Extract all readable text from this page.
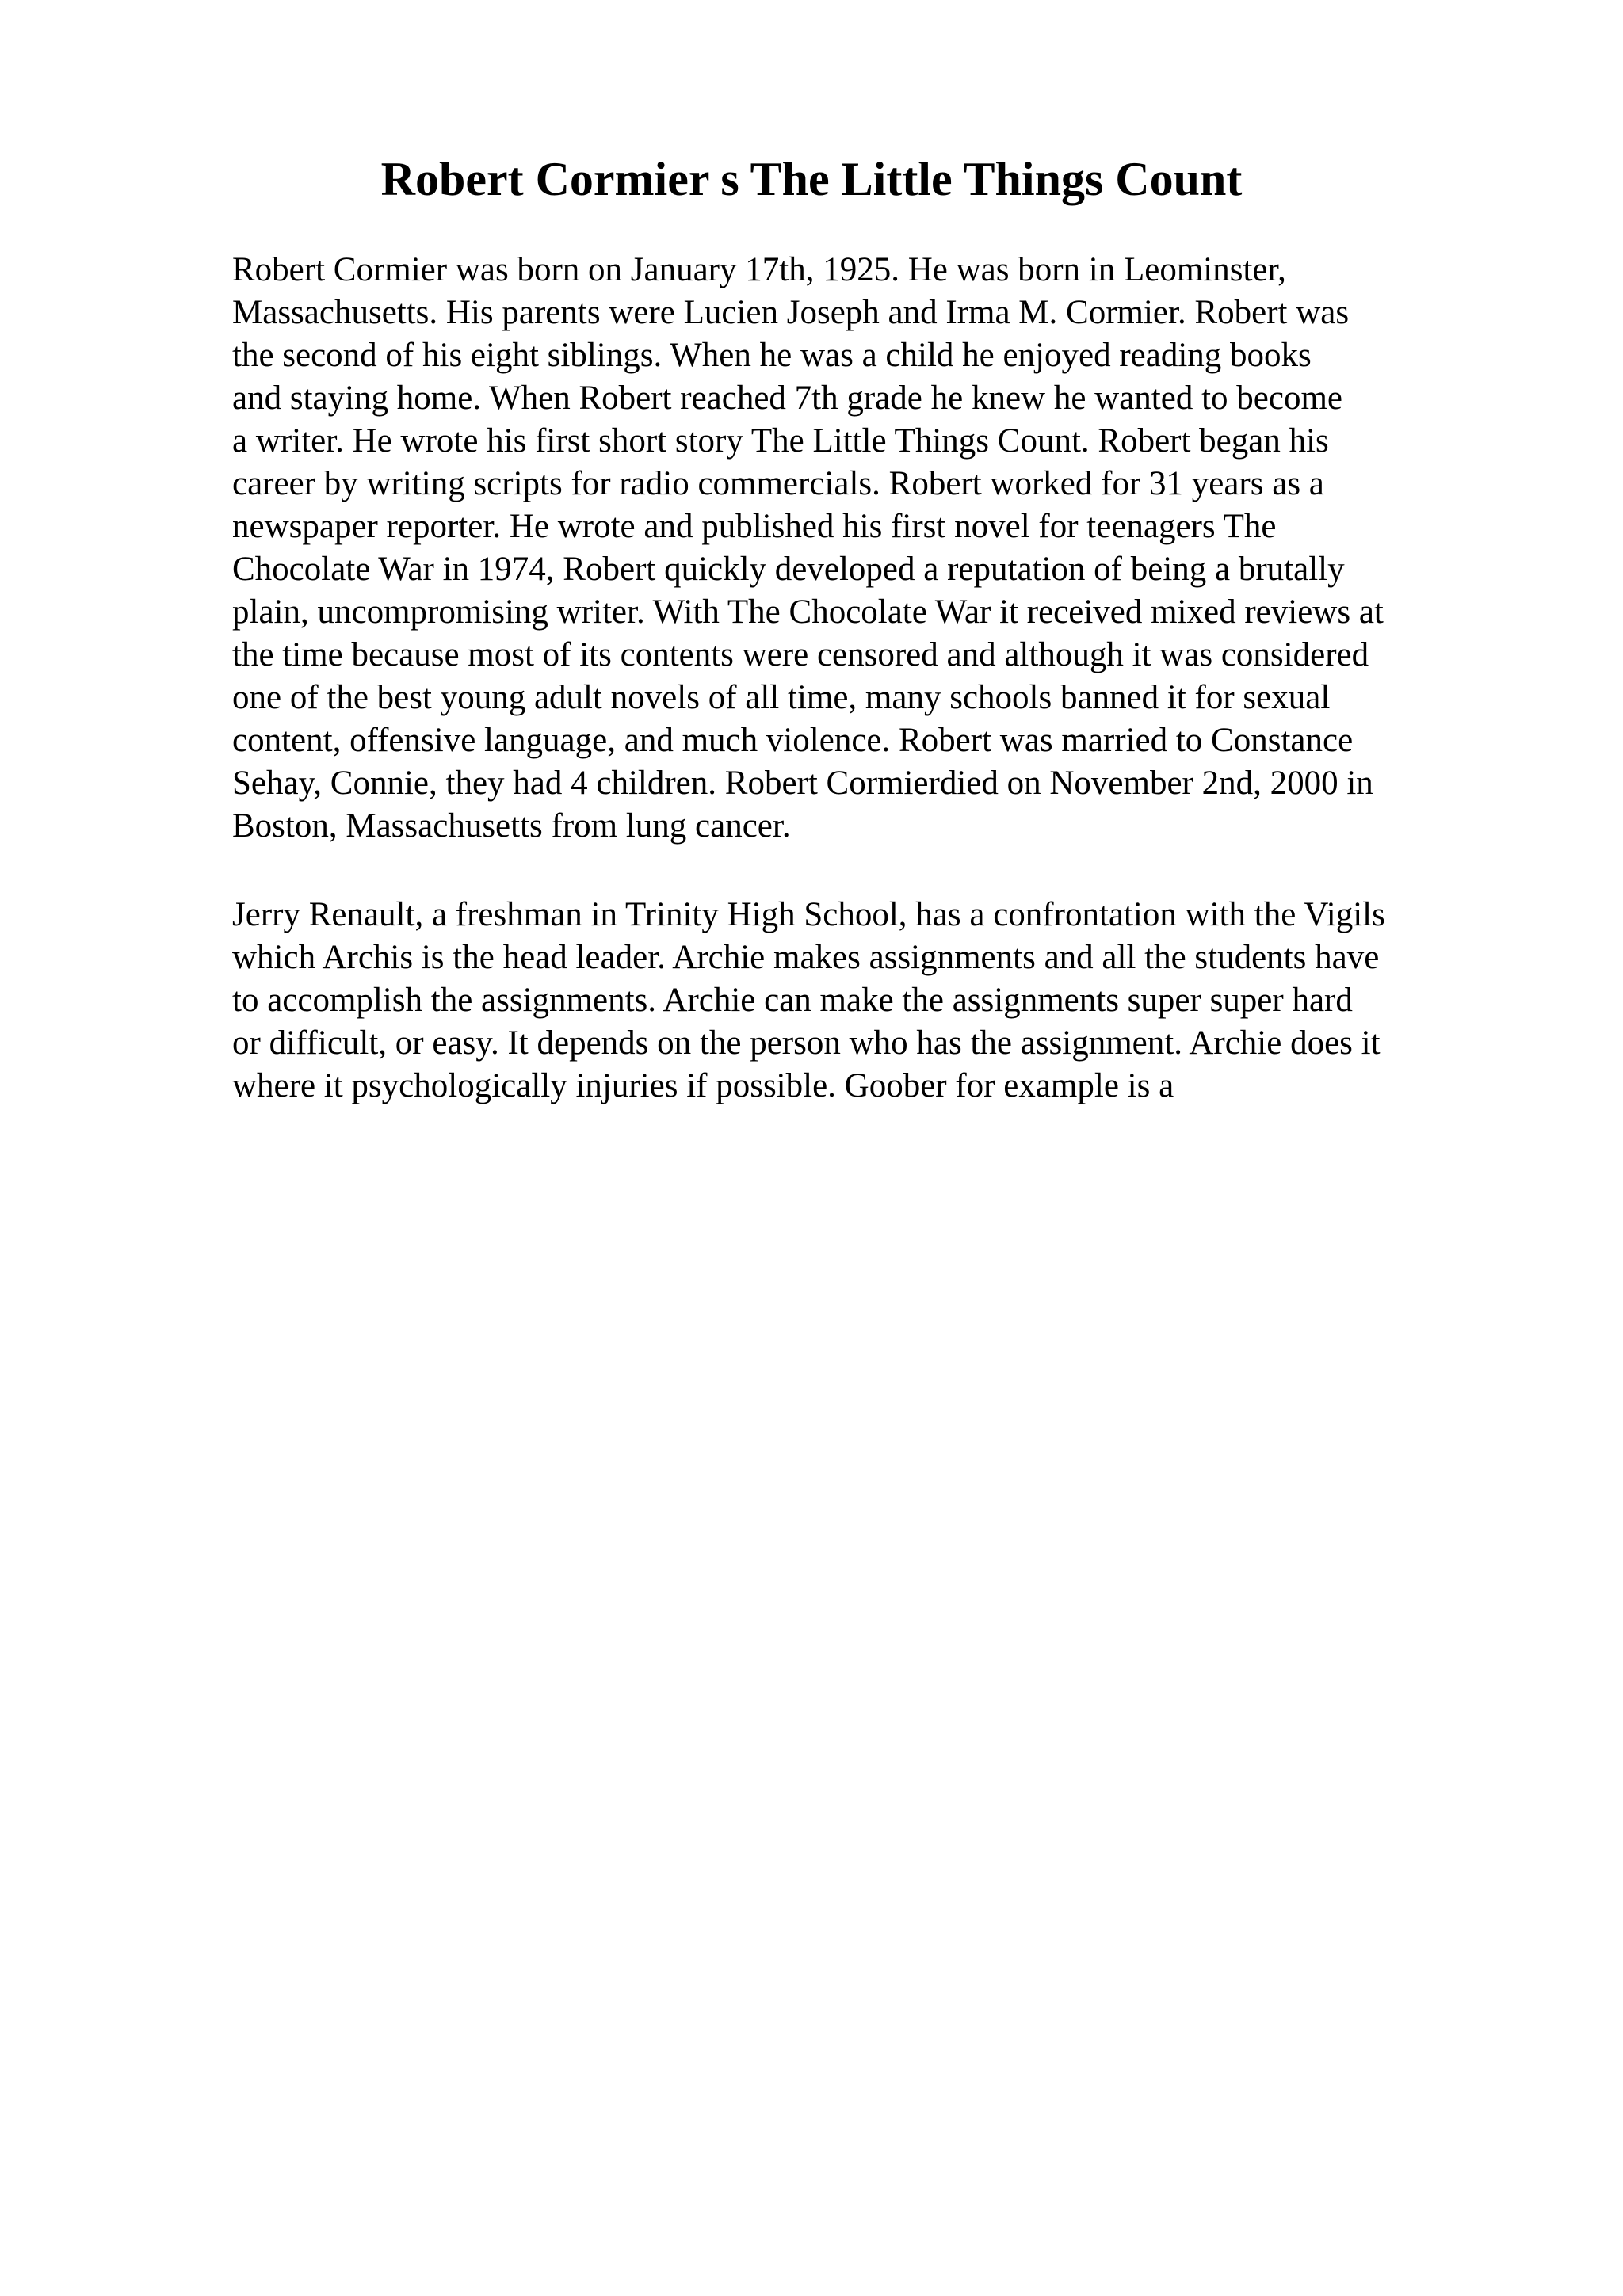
Robert Cormier s The Little Things Count

Robert Cormier was born on January 17th, 1925. He was born in Leominster,
Massachusetts. His parents were Lucien Joseph and Irma M. Cormier. Robert was
the second of his eight siblings. When he was a child he enjoyed reading books
and staying home. When Robert reached 7th grade he knew he wanted to become
a writer. He wrote his first short story The Little Things Count. Robert began his
career by writing scripts for radio commercials. Robert worked for 31 years as a
newspaper reporter. He wrote and published his first novel for teenagers The
Chocolate War in 1974, Robert quickly developed a reputation of being a brutally
plain, uncompromising writer. With The Chocolate War it received mixed reviews at
the time because most of its contents were censored and although it was considered
one of the best young adult novels of all time, many schools banned it for sexual
content, offensive language, and much violence. Robert was married to Constance
Sehay, Connie, they had 4 children. Robert Cormierdied on November 2nd, 2000 in
Boston, Massachusetts from lung cancer.

Jerry Renault, a freshman in Trinity High School, has a confrontation with the Vigils
which Archis is the head leader. Archie makes assignments and all the students have
to accomplish the assignments. Archie can make the assignments super super hard
or difficult, or easy. It depends on the person who has the assignment. Archie does it
where it psychologically injuries if possible. Goober for example is a
